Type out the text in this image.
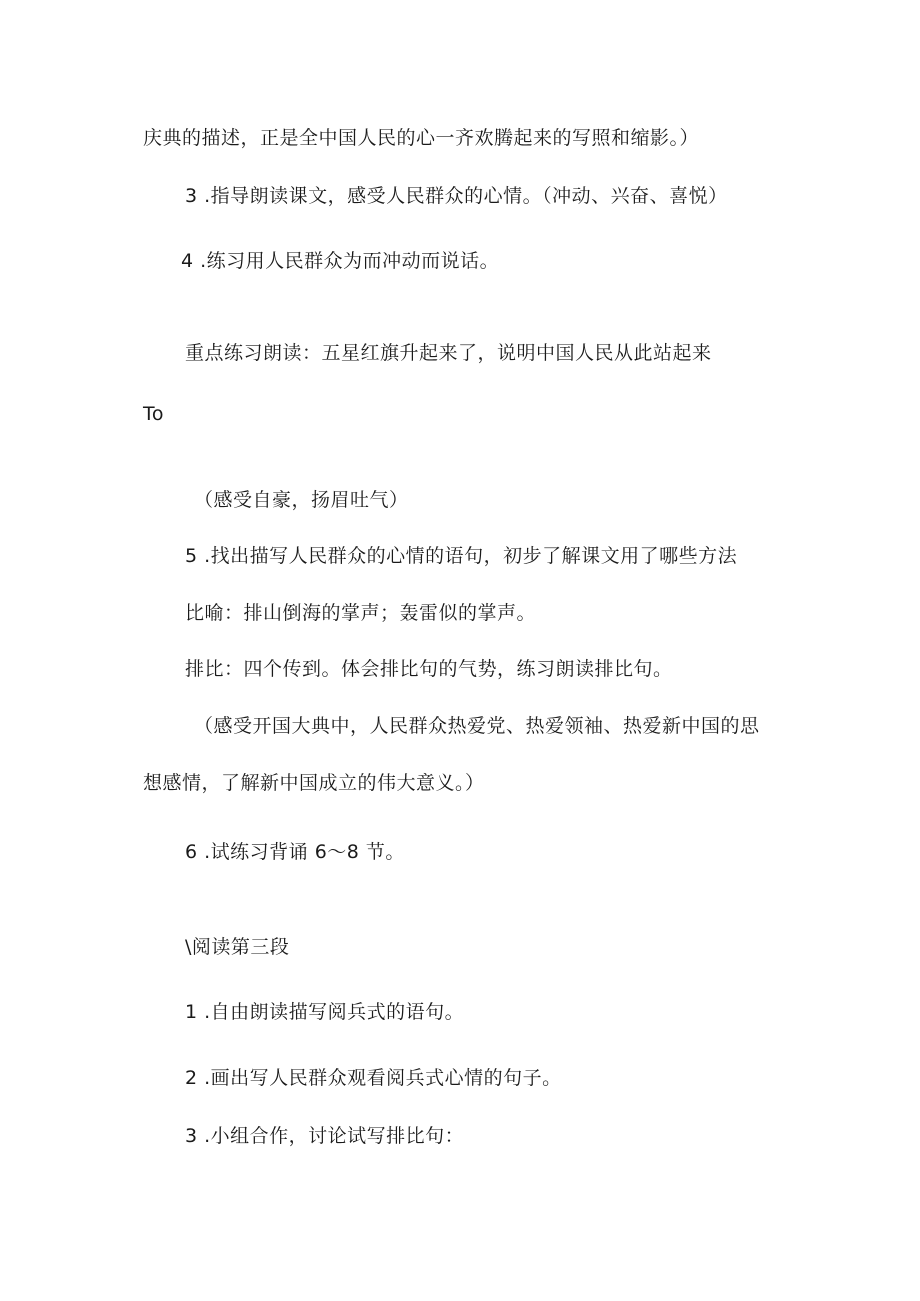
庆典的描述，正是全中国人民的心一齐欢腾起来的写照和缩影。）
3 .指导朗读课文，感受人民群众的心情。（冲动、兴奋、喜悦）
4 .练习用人民群众为而冲动而说话。
重点练习朗读：五星红旗升起来了，说明中国人民从此站起来
To
（感受自豪，扬眉吐气）
5 .找出描写人民群众的心情的语句，初步了解课文用了哪些方法
比喻：排山倒海的掌声；轰雷似的掌声。
排比：四个传到。体会排比句的气势，练习朗读排比句。
（感受开国大典中，人民群众热爱党、热爱领袖、热爱新中国的思
想感情，了解新中国成立的伟大意义。）
6 .试练习背诵 6～8 节。
\阅读第三段
1 .自由朗读描写阅兵式的语句。
2 .画出写人民群众观看阅兵式心情的句子。
3 .小组合作，讨论试写排比句：
